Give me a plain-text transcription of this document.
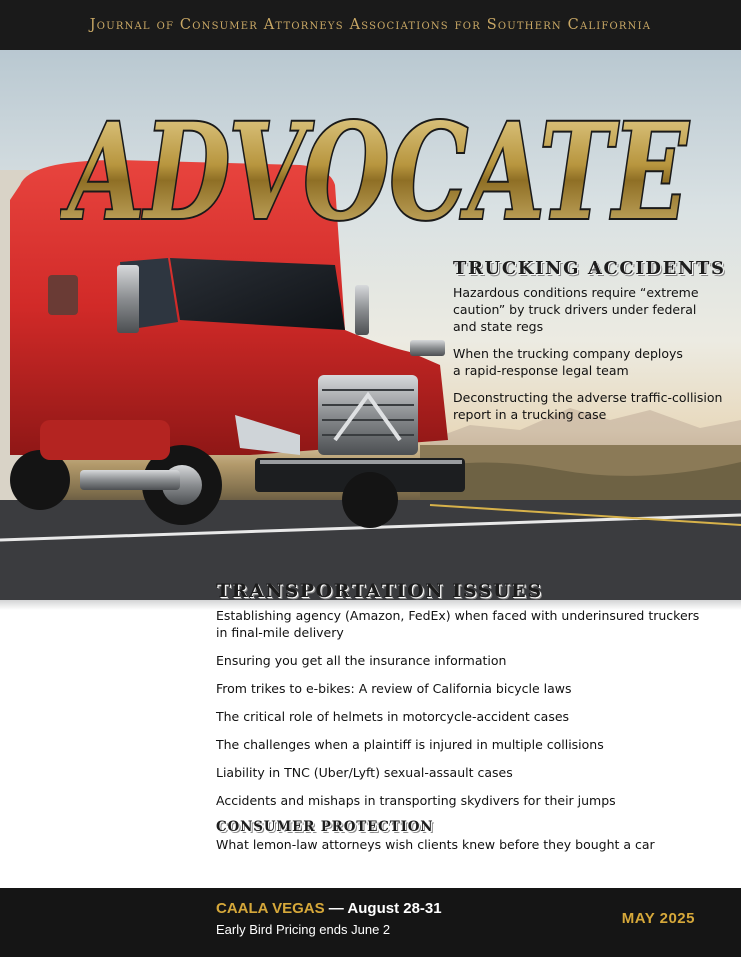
Journal of Consumer Attorneys Associations for Southern California
ADVOCATE
TRUCKING ACCIDENTS
Hazardous conditions require “extreme
caution” by truck drivers under federal
and state regs
When the trucking company deploys
a rapid-response legal team
Deconstructing the adverse traffic-collision
report in a trucking case
TRANSPORTATION ISSUES
Establishing agency (Amazon, FedEx) when faced with underinsured truckers
in final-mile delivery
Ensuring you get all the insurance information
From trikes to e-bikes: A review of California bicycle laws
The critical role of helmets in motorcycle-accident cases
The challenges when a plaintiff is injured in multiple collisions
Liability in TNC (Uber/Lyft) sexual-assault cases
Accidents and mishaps in transporting skydivers for their jumps
CONSUMER PROTECTION
What lemon-law attorneys wish clients knew before they bought a car
CAALA VEGAS — August 28-31
Early Bird Pricing ends June 2
MAY 2025
